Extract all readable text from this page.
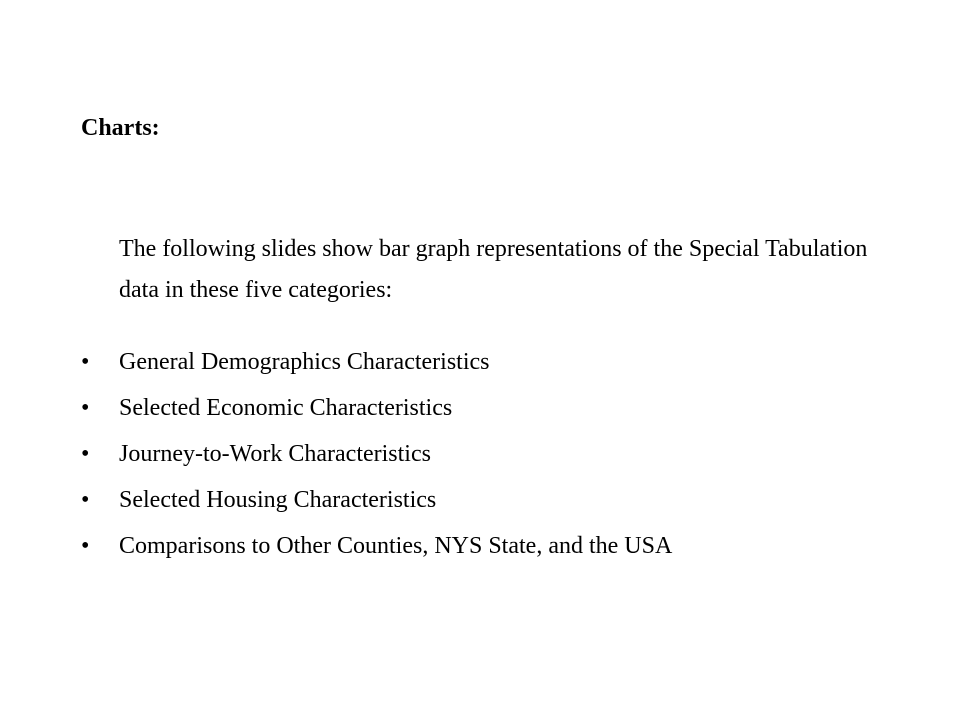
Charts:

The following slides show bar graph representations of the Special Tabulation data in these five categories:

•	General Demographics Characteristics
•	Selected Economic Characteristics
•	Journey-to-Work Characteristics
•	Selected Housing Characteristics
•	Comparisons to Other Counties, NYS State, and the USA
